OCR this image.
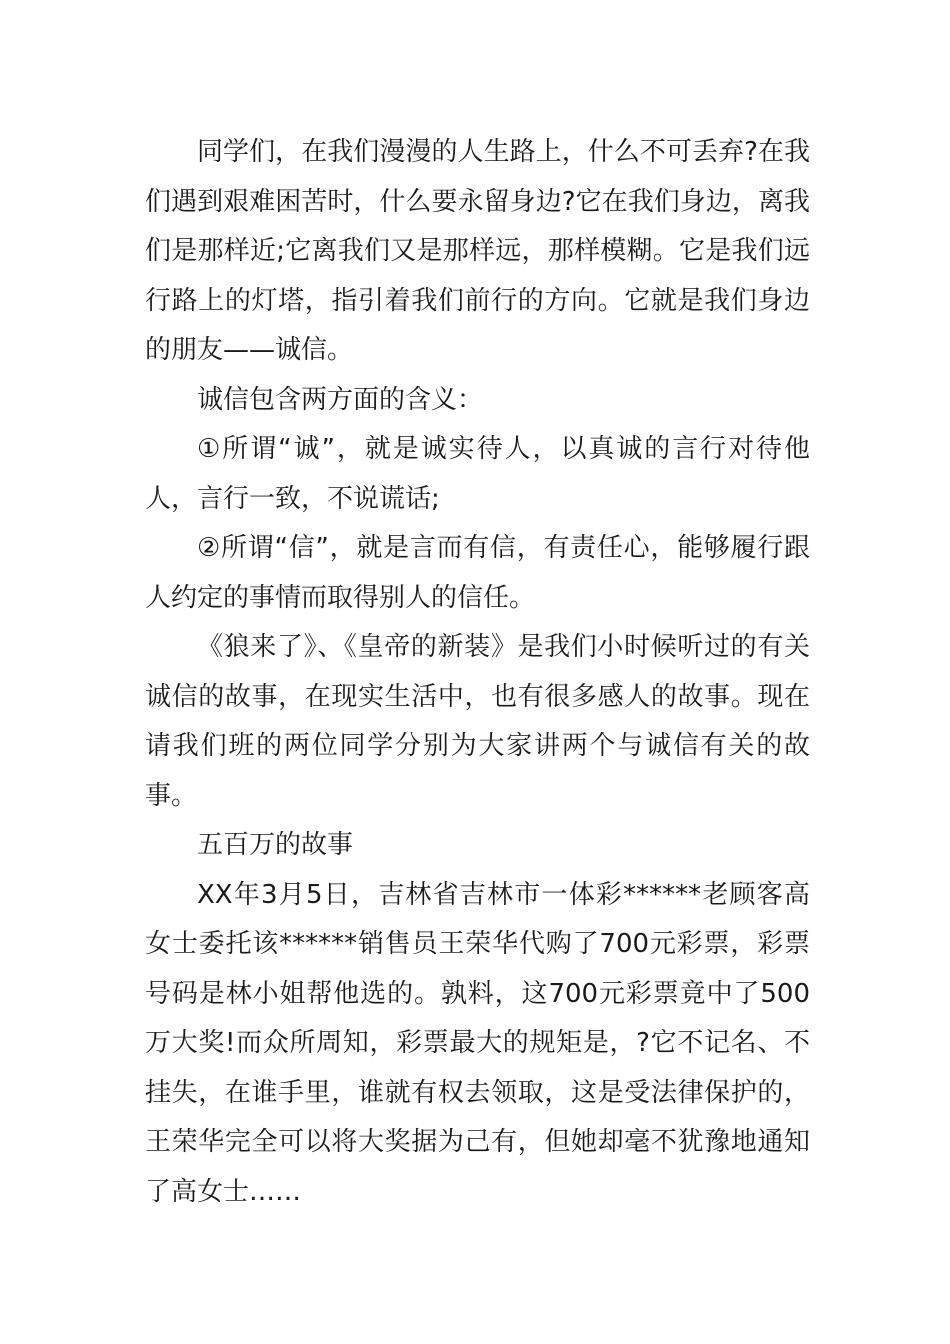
同学们，在我们漫漫的人生路上，什么不可丢弃?在我们遇到艰难困苦时，什么要永留身边?它在我们身边，离我们是那样近;它离我们又是那样远，那样模糊。它是我们远行路上的灯塔，指引着我们前行的方向。它就是我们身边的朋友——诚信。

诚信包含两方面的含义：

①所谓“诚”，就是诚实待人，以真诚的言行对待他人，言行一致，不说谎话;

②所谓“信”，就是言而有信，有责任心，能够履行跟人约定的事情而取得别人的信任。

《狼来了》、《皇帝的新装》是我们小时候听过的有关诚信的故事，在现实生活中，也有很多感人的故事。现在请我们班的两位同学分别为大家讲两个与诚信有关的故事。

五百万的故事

XX年3月5日，吉林省吉林市一体彩******老顾客高女士委托该******销售员王荣华代购了700元彩票，彩票号码是林小姐帮他选的。孰料，这700元彩票竟中了500万大奖!而众所周知，彩票最大的规矩是，?它不记名、不挂失，在谁手里，谁就有权去领取，这是受法律保护的，王荣华完全可以将大奖据为己有，但她却毫不犹豫地通知了高女士……
